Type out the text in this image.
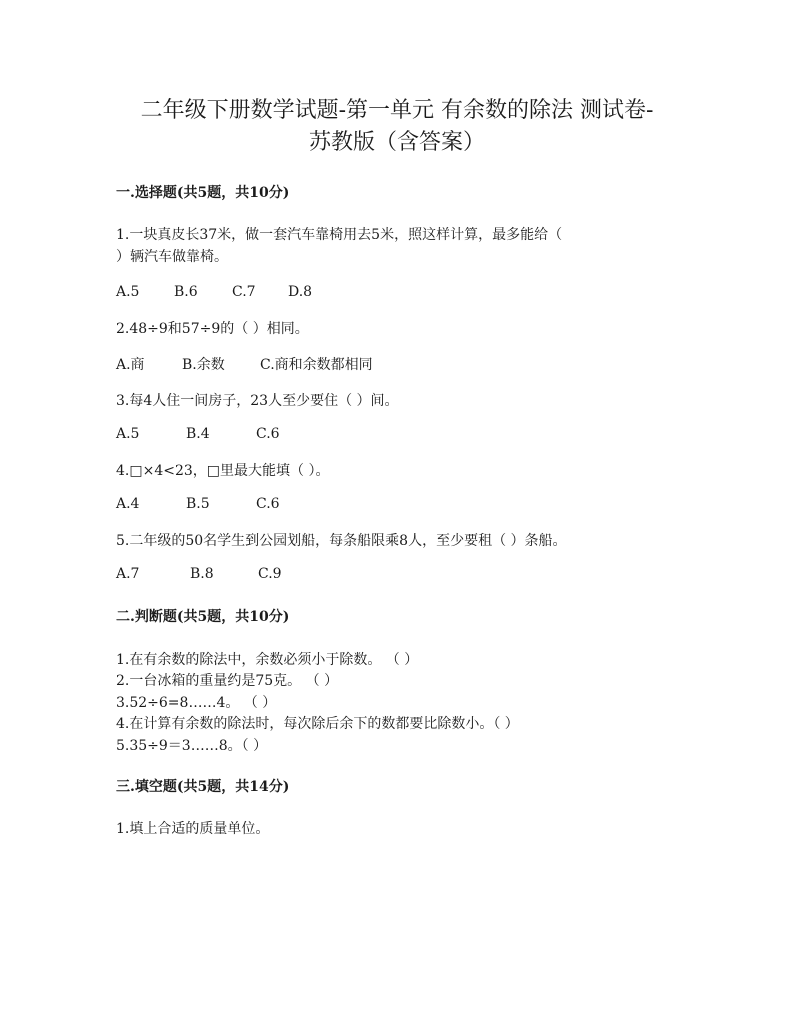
二年级下册数学试题-第一单元 有余数的除法 测试卷-
苏教版（含答案）
一.选择题(共5题，共10分)
1.一块真皮长37米，做一套汽车靠椅用去5米，照这样计算，最多能给（
）辆汽车做靠椅。
A.5 B.6 C.7 D.8
2.48÷9和57÷9的（ ）相同。
A.商	B.余数	C.商和余数都相同
3.每4人住一间房子，23人至少要住（ ）间。
A.5	B.4	C.6
4.□×4<23，□里最大能填（ ）。
A.4	B.5	C.6
5.二年级的50名学生到公园划船，每条船限乘8人，至少要租（ ）条船。
A.7	B.8	C.9
二.判断题(共5题，共10分)
1.在有余数的除法中，余数必须小于除数。 （ ）
2.一台冰箱的重量约是75克。 （ ）
3.52÷6=8……4。 （ ）
4.在计算有余数的除法时，每次除后余下的数都要比除数小。（ ）
5.35÷9＝3……8。（ ）
三.填空题(共5题，共14分)
1.填上合适的质量单位。
